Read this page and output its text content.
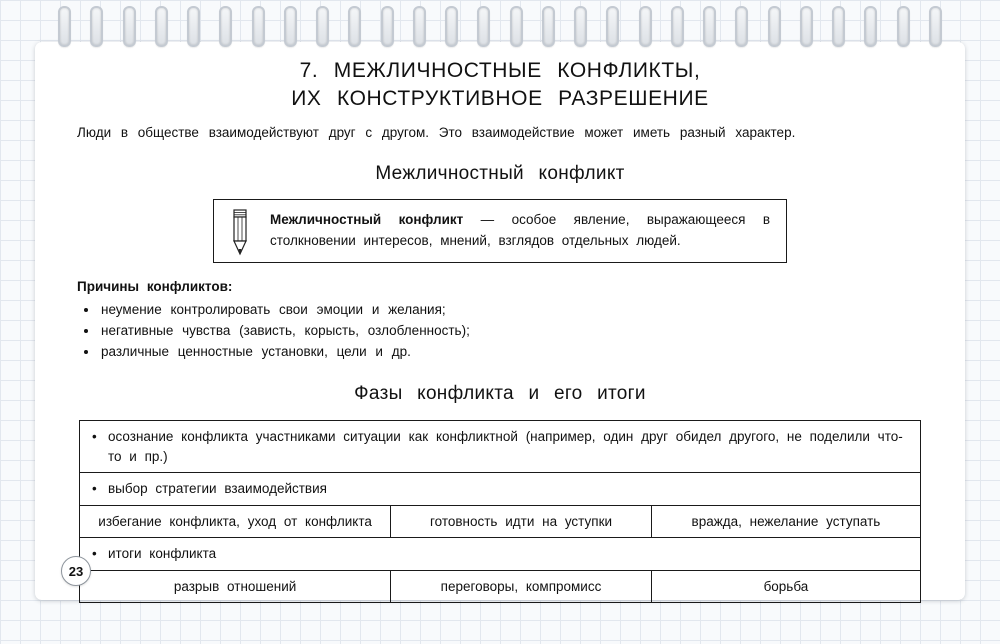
7. МЕЖЛИЧНОСТНЫЕ КОНФЛИКТЫ,
ИХ КОНСТРУКТИВНОЕ РАЗРЕШЕНИЕ

Люди в обществе взаимодействуют друг с другом. Это взаимодействие может иметь разный характер.

Межличностный конфликт

Межличностный конфликт — особое явление, выражающееся в столкновении интересов, мнений, взглядов отдельных людей.

Причины конфликтов:
• неумение контролировать свои эмоции и желания;
• негативные чувства (зависть, корысть, озлобленность);
• различные ценностные установки, цели и др.
Фазы конфликта и его итоги
• осознание конфликта участниками ситуации как конфликтной (например, один друг обидел другого, не поделили что-то и пр.)
• выбор стратегии взаимодействия
избегание конфликта, уход от конфликта	готовность идти на уступки	вражда, нежелание уступать
• итоги конфликта
разрыв отношений	переговоры, компромисс	борьба
23
